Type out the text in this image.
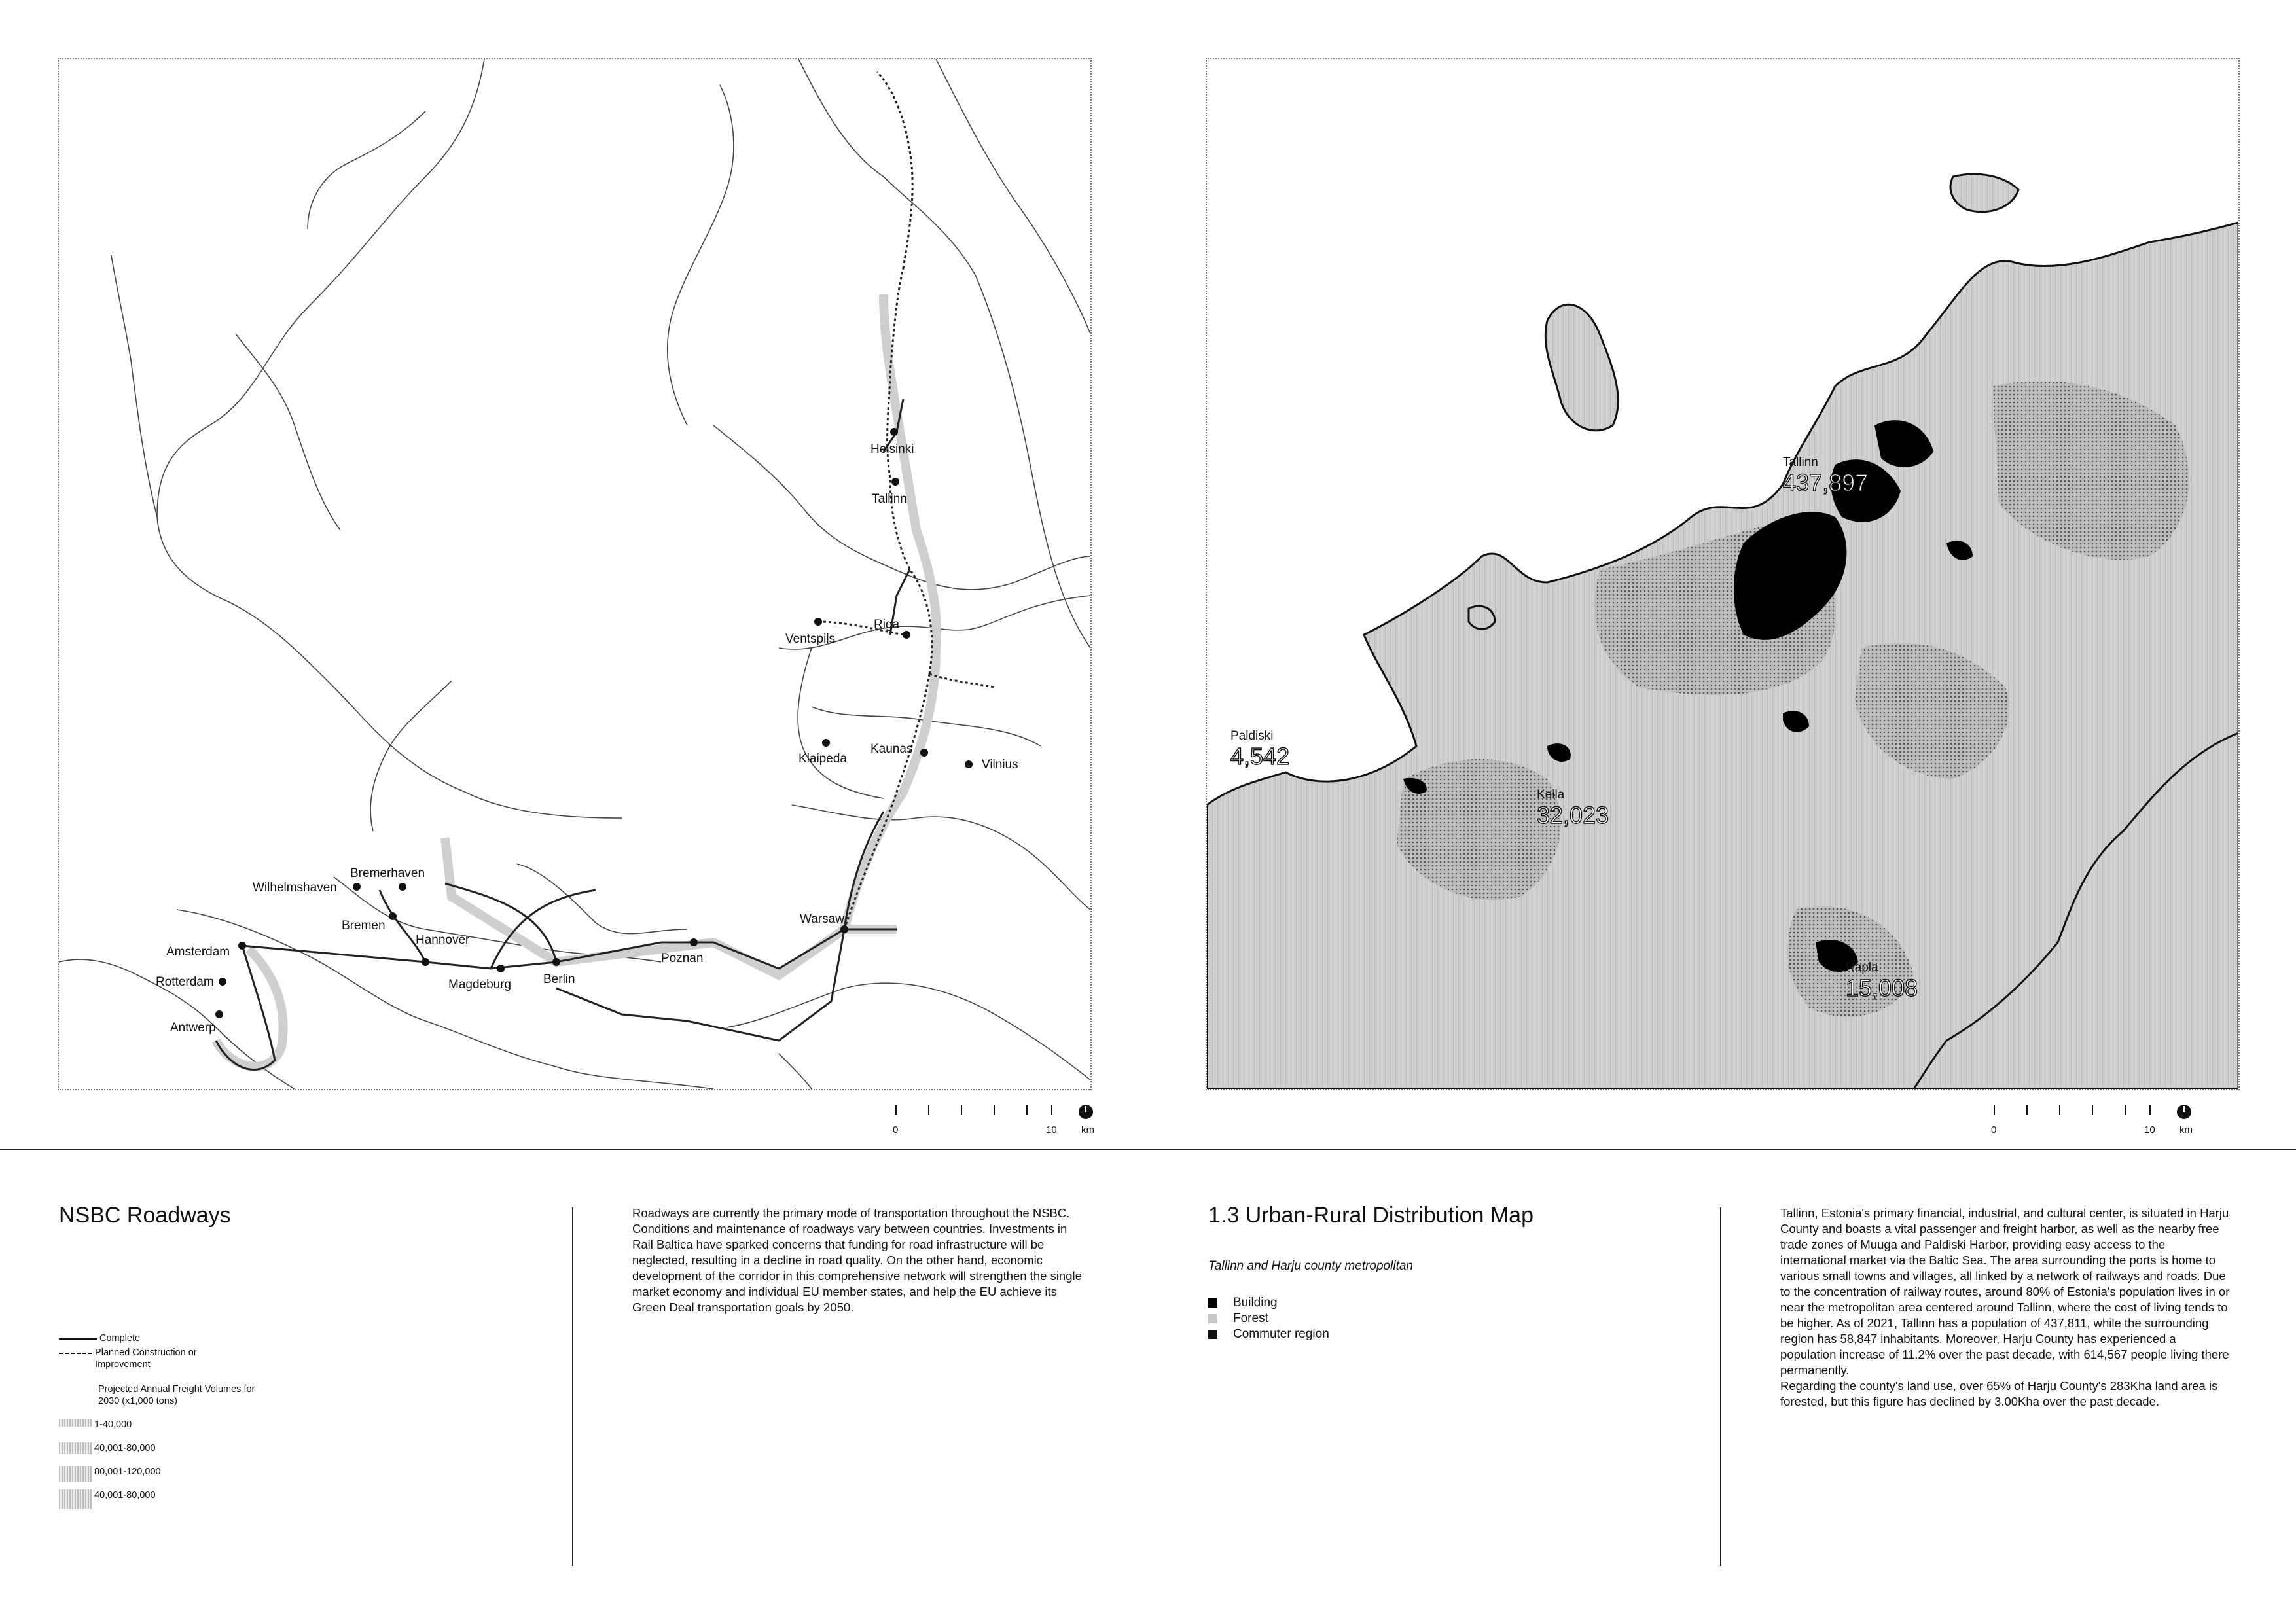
Helsinki
Tallinn
Riga
Ventspils
Klaipeda
Kaunas
Vilnius
Warsaw
Poznan
Berlin
Magdeburg
Hannover
Bremen
Bremerhaven
Wilhelmshaven
Amsterdam
Rotterdam
Antwerp
0	10 km
Tallinn
437,897
Paldiski
4,542
Keila
32,023
Rapla
15,008
0	10 km
NSBC Roadways
Complete
Planned Construction or Improvement
Projected Annual Freight Volumes for 2030 (x1,000 tons)
1-40,000
40,001-80,000
80,001-120,000
40,001-80,000
Roadways are currently the primary mode of transportation throughout the NSBC. Conditions and maintenance of roadways vary between countries. Investments in Rail Baltica have sparked concerns that funding for road infrastructure will be neglected, resulting in a decline in road quality. On the other hand, economic development of the corridor in this comprehensive network will strengthen the single market economy and individual EU member states, and help the EU achieve its Green Deal transportation goals by 2050.
1.3 Urban-Rural Distribution Map
Tallinn and Harju county metropolitan
Building
Forest
Commuter region
Tallinn, Estonia's primary financial, industrial, and cultural center, is situated in Harju County and boasts a vital passenger and freight harbor, as well as the nearby free trade zones of Muuga and Paldiski Harbor, providing easy access to the international market via the Baltic Sea. The area surrounding the ports is home to various small towns and villages, all linked by a network of railways and roads. Due to the concentration of railway routes, around 80% of Estonia's population lives in or near the metropolitan area centered around Tallinn, where the cost of living tends to be higher. As of 2021, Tallinn has a population of 437,811, while the surrounding region has 58,847 inhabitants. Moreover, Harju County has experienced a population increase of 11.2% over the past decade, with 614,567 people living there permanently.
Regarding the county's land use, over 65% of Harju County's 283Kha land area is forested, but this figure has declined by 3.00Kha over the past decade.
